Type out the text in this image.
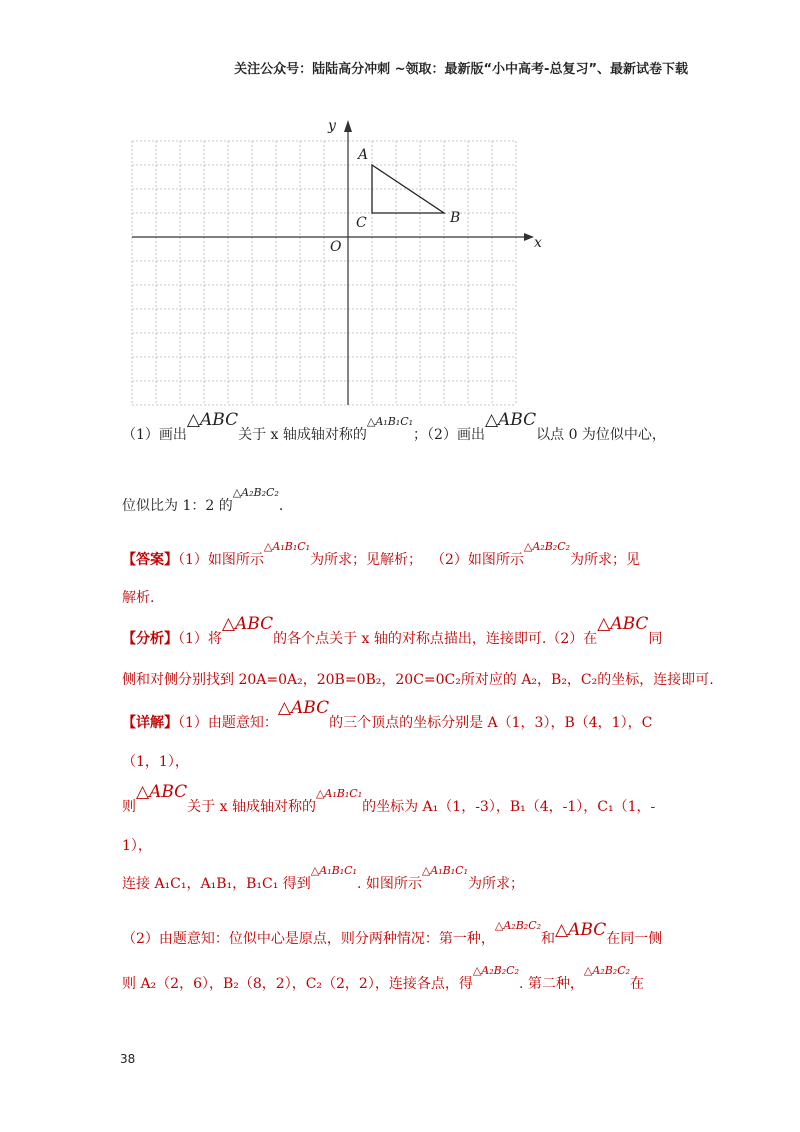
关注公众号：陆陆高分冲刺 ~领取：最新版“小中高考-总复习”、最新试卷下载
y
x
O
A
B
C
（1）画出△ABC关于 x 轴成轴对称的$^{\triangle A_1B_1C_1}$；（2）画出△ABC以点 0 为位似中心，
位似比为 1：2 的$^{\triangle A_2B_2C_2}$.
【答案】（1）如图所示$^{\triangle A_1B_1C_1}$为所求；见解析； （2）如图所示$^{\triangle A_2B_2C_2}$为所求；见
解析.
【分析】（1）将△ABC的各个点关于 x 轴的对称点描出，连接即可.（2）在△ABC同
侧和对侧分别找到 20A=0A₂，20B=0B₂，20C=0C₂所对应的 A₂，B₂，C₂的坐标，连接即可.
【详解】（1）由题意知：△ABC的三个顶点的坐标分别是 A（1，3），B（4，1），C
（1，1），
则△ABC关于 x 轴成轴对称的$^{\triangle A_1B_1C_1}$的坐标为 A₁（1，-3），B₁（4，-1），C₁（1，-
1），
连接 A₁C₁，A₁B₁，B₁C₁ 得到$^{\triangle A_1B_1C_1}$. 如图所示$^{\triangle A_1B_1C_1}$为所求；
（2）由题意知：位似中心是原点，则分两种情况：第一种，$^{\triangle A_2B_2C_2}$和△ABC在同一侧
则 A₂（2，6），B₂（8，2），C₂（2，2），连接各点，得$^{\triangle A_2B_2C_2}$. 第二种，$^{\triangle A_2B_2C_2}$在
38
